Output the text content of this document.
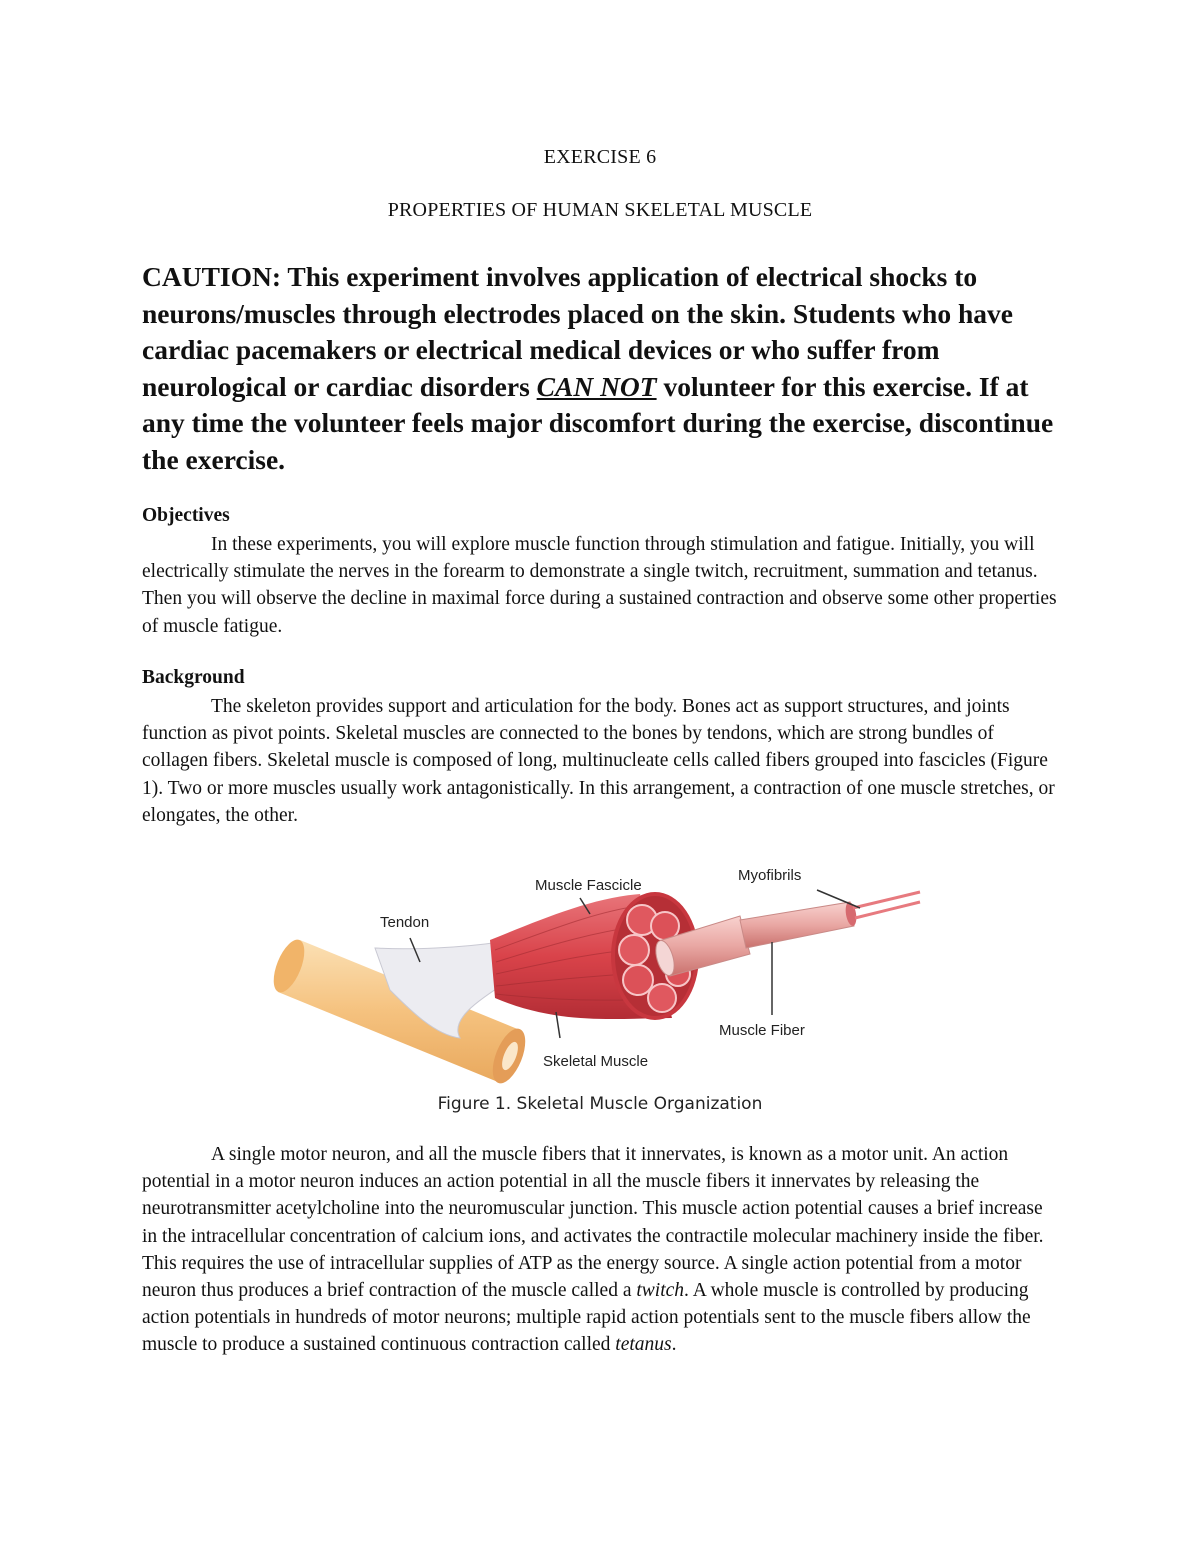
EXERCISE 6
PROPERTIES OF HUMAN SKELETAL MUSCLE
CAUTION: This experiment involves application of electrical shocks to neurons/muscles through electrodes placed on the skin. Students who have cardiac pacemakers or electrical medical devices or who suffer from neurological or cardiac disorders CAN NOT volunteer for this exercise. If at any time the volunteer feels major discomfort during the exercise, discontinue the exercise.
Objectives
In these experiments, you will explore muscle function through stimulation and fatigue. Initially, you will electrically stimulate the nerves in the forearm to demonstrate a single twitch, recruitment, summation and tetanus. Then you will observe the decline in maximal force during a sustained contraction and observe some other properties of muscle fatigue.
Background
The skeleton provides support and articulation for the body. Bones act as support structures, and joints function as pivot points. Skeletal muscles are connected to the bones by tendons, which are strong bundles of collagen fibers. Skeletal muscle is composed of long, multinucleate cells called fibers grouped into fascicles (Figure 1). Two or more muscles usually work antagonistically. In this arrangement, a contraction of one muscle stretches, or elongates, the other.
Tendon
Muscle Fascicle
Myofibrils
Muscle Fiber
Skeletal Muscle
Figure 1. Skeletal Muscle Organization
A single motor neuron, and all the muscle fibers that it innervates, is known as a motor unit. An action potential in a motor neuron induces an action potential in all the muscle fibers it innervates by releasing the neurotransmitter acetylcholine into the neuromuscular junction. This muscle action potential causes a brief increase in the intracellular concentration of calcium ions, and activates the contractile molecular machinery inside the fiber. This requires the use of intracellular supplies of ATP as the energy source. A single action potential from a motor neuron thus produces a brief contraction of the muscle called a twitch. A whole muscle is controlled by producing action potentials in hundreds of motor neurons; multiple rapid action potentials sent to the muscle fibers allow the muscle to produce a sustained continuous contraction called tetanus.
